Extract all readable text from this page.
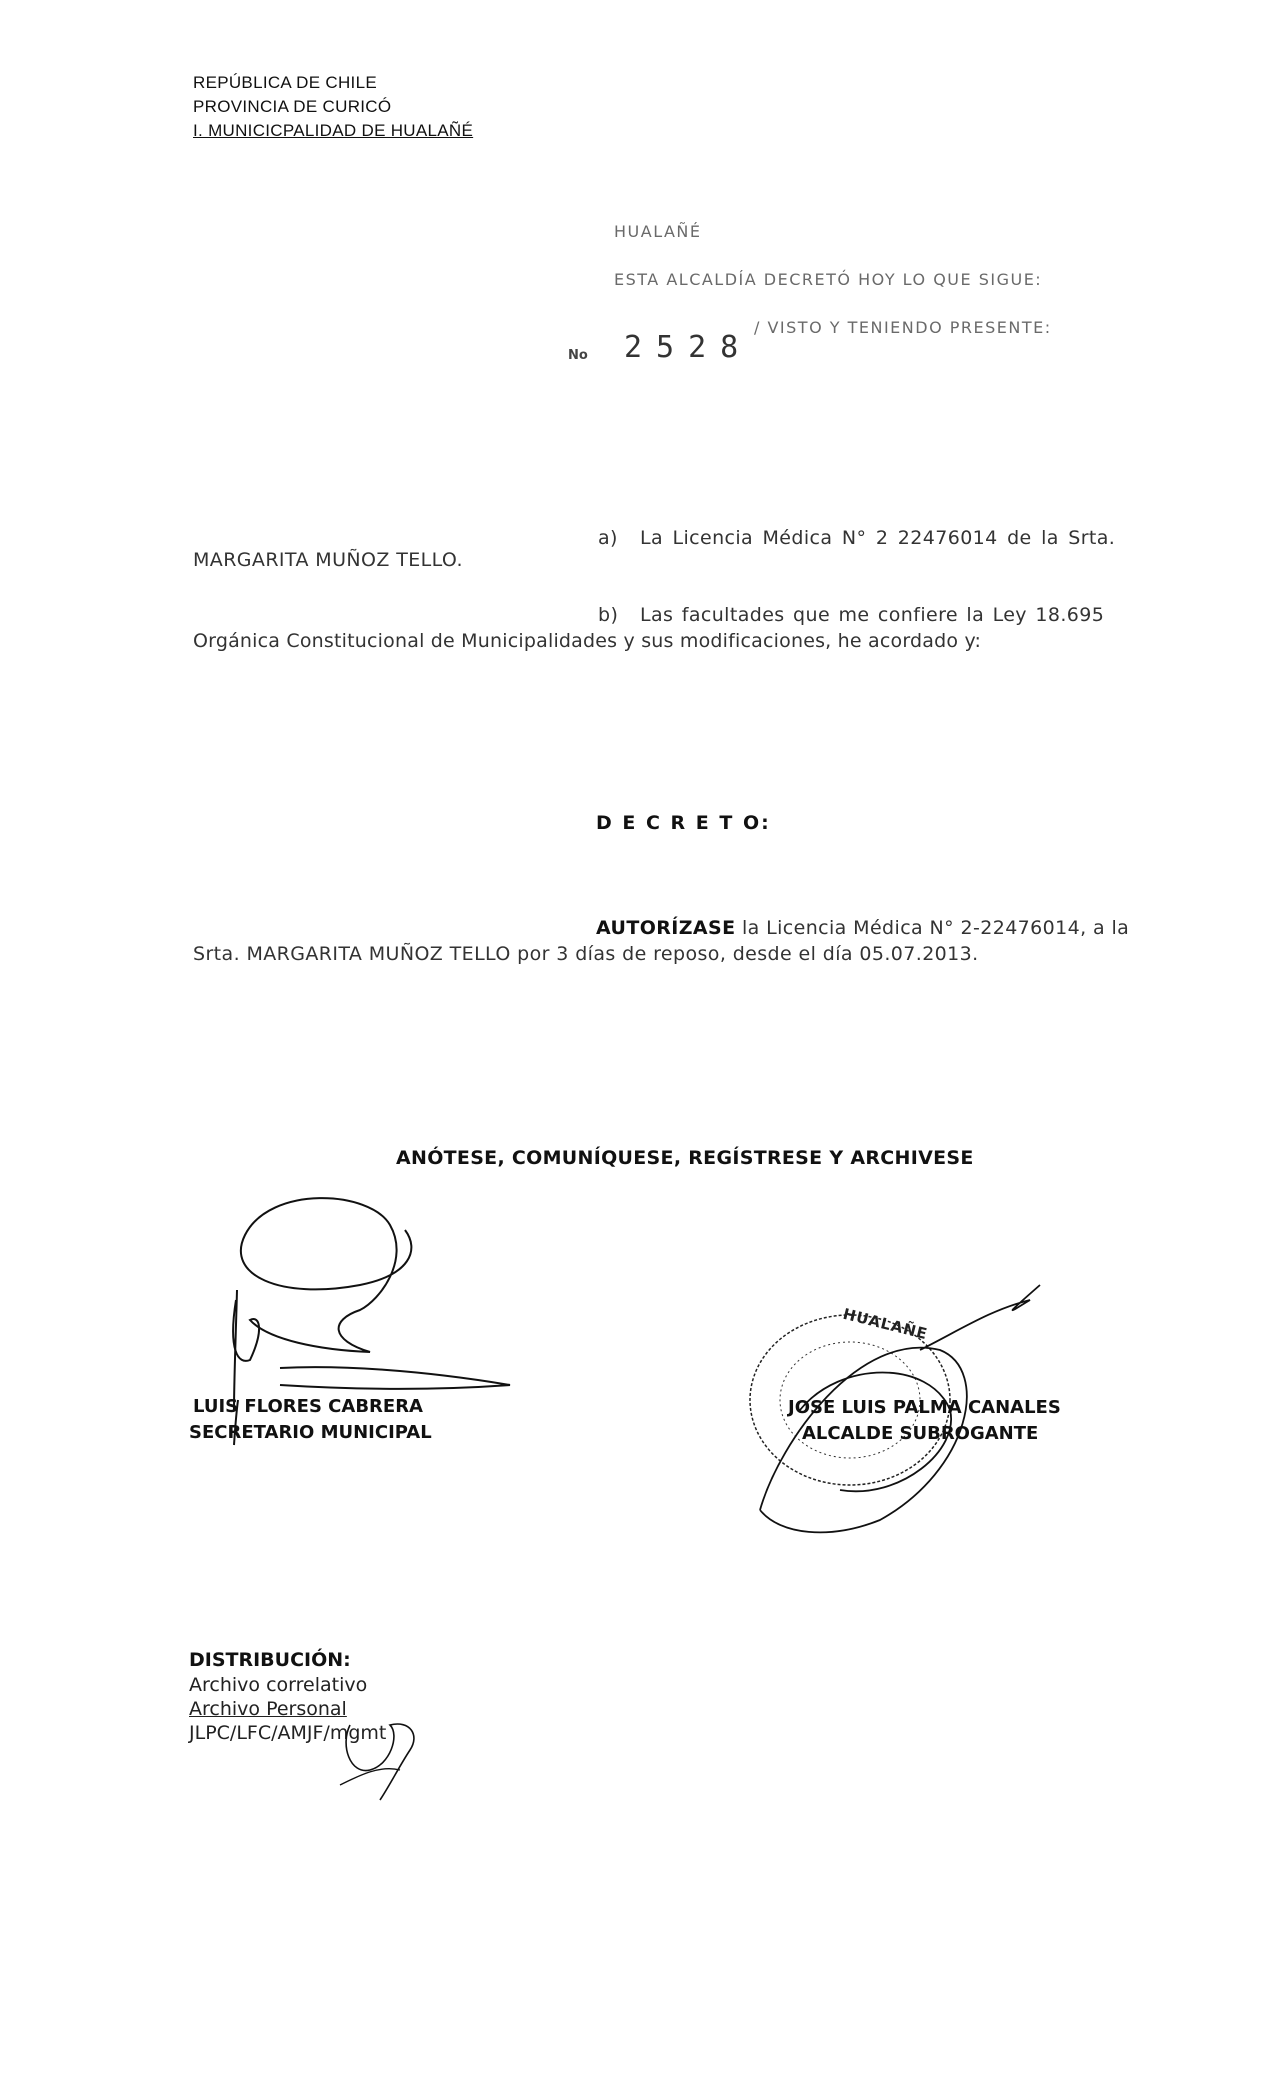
REPÚBLICA DE CHILE
PROVINCIA DE CURICÓ
I. MUNICICPALIDAD DE HUALAÑÉ
HUALAÑÉ
ESTA ALCALDÍA DECRETÓ HOY LO QUE SIGUE:
No 2528
/ VISTO Y TENIENDO PRESENTE:
a) La Licencia Médica N° 2 22476014 de la Srta.
MARGARITA MUÑOZ TELLO.
b) Las facultades que me confiere la Ley 18.695
Orgánica Constitucional de Municipalidades y sus modificaciones, he acordado y:
D E C R E T O:
AUTORÍZASE la Licencia Médica N° 2-22476014, a la
Srta. MARGARITA MUÑOZ TELLO por 3 días de reposo, desde el día 05.07.2013.
ANÓTESE, COMUNÍQUESE, REGÍSTRESE Y ARCHIVESE
LUIS FLORES CABRERA
SECRETARIO MUNICIPAL
HUALAÑE
JOSE LUIS PALMA CANALES
ALCALDE SUBROGANTE
DISTRIBUCIÓN:
Archivo correlativo
Archivo Personal
JLPC/LFC/AMJF/mgmt
